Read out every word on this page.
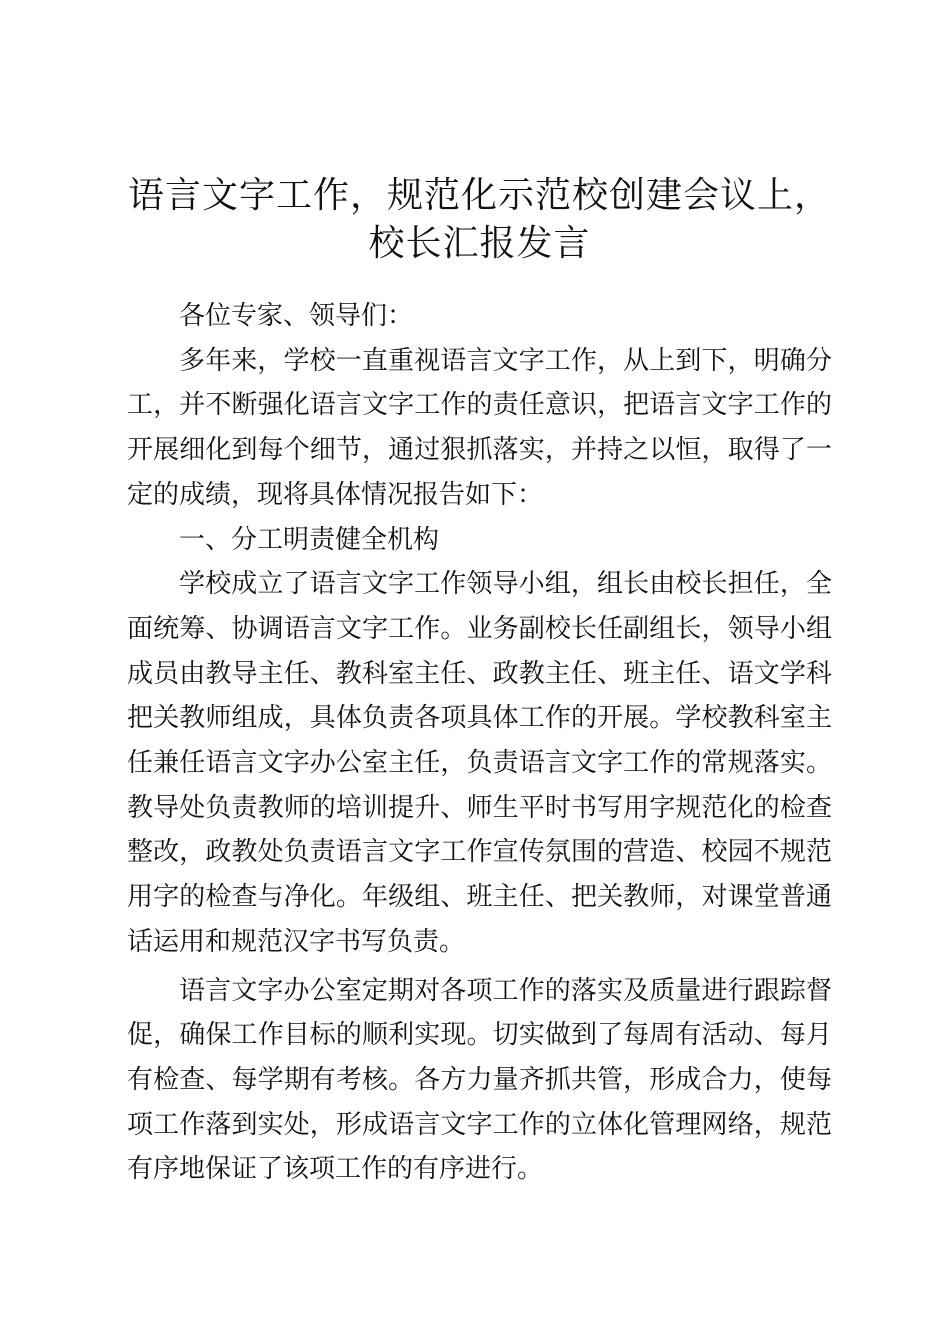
语言文字工作，规范化示范校创建会议上，校长汇报发言

各位专家、领导们：

多年来，学校一直重视语言文字工作，从上到下，明确分工，并不断强化语言文字工作的责任意识，把语言文字工作的开展细化到每个细节，通过狠抓落实，并持之以恒，取得了一定的成绩，现将具体情况报告如下：

一、分工明责健全机构

学校成立了语言文字工作领导小组，组长由校长担任，全面统筹、协调语言文字工作。业务副校长任副组长，领导小组成员由教导主任、教科室主任、政教主任、班主任、语文学科把关教师组成，具体负责各项具体工作的开展。学校教科室主任兼任语言文字办公室主任，负责语言文字工作的常规落实。教导处负责教师的培训提升、师生平时书写用字规范化的检查整改，政教处负责语言文字工作宣传氛围的营造、校园不规范用字的检查与净化。年级组、班主任、把关教师，对课堂普通话运用和规范汉字书写负责。

语言文字办公室定期对各项工作的落实及质量进行跟踪督促，确保工作目标的顺利实现。切实做到了每周有活动、每月有检查、每学期有考核。各方力量齐抓共管，形成合力，使每项工作落到实处，形成语言文字工作的立体化管理网络，规范有序地保证了该项工作的有序进行。
